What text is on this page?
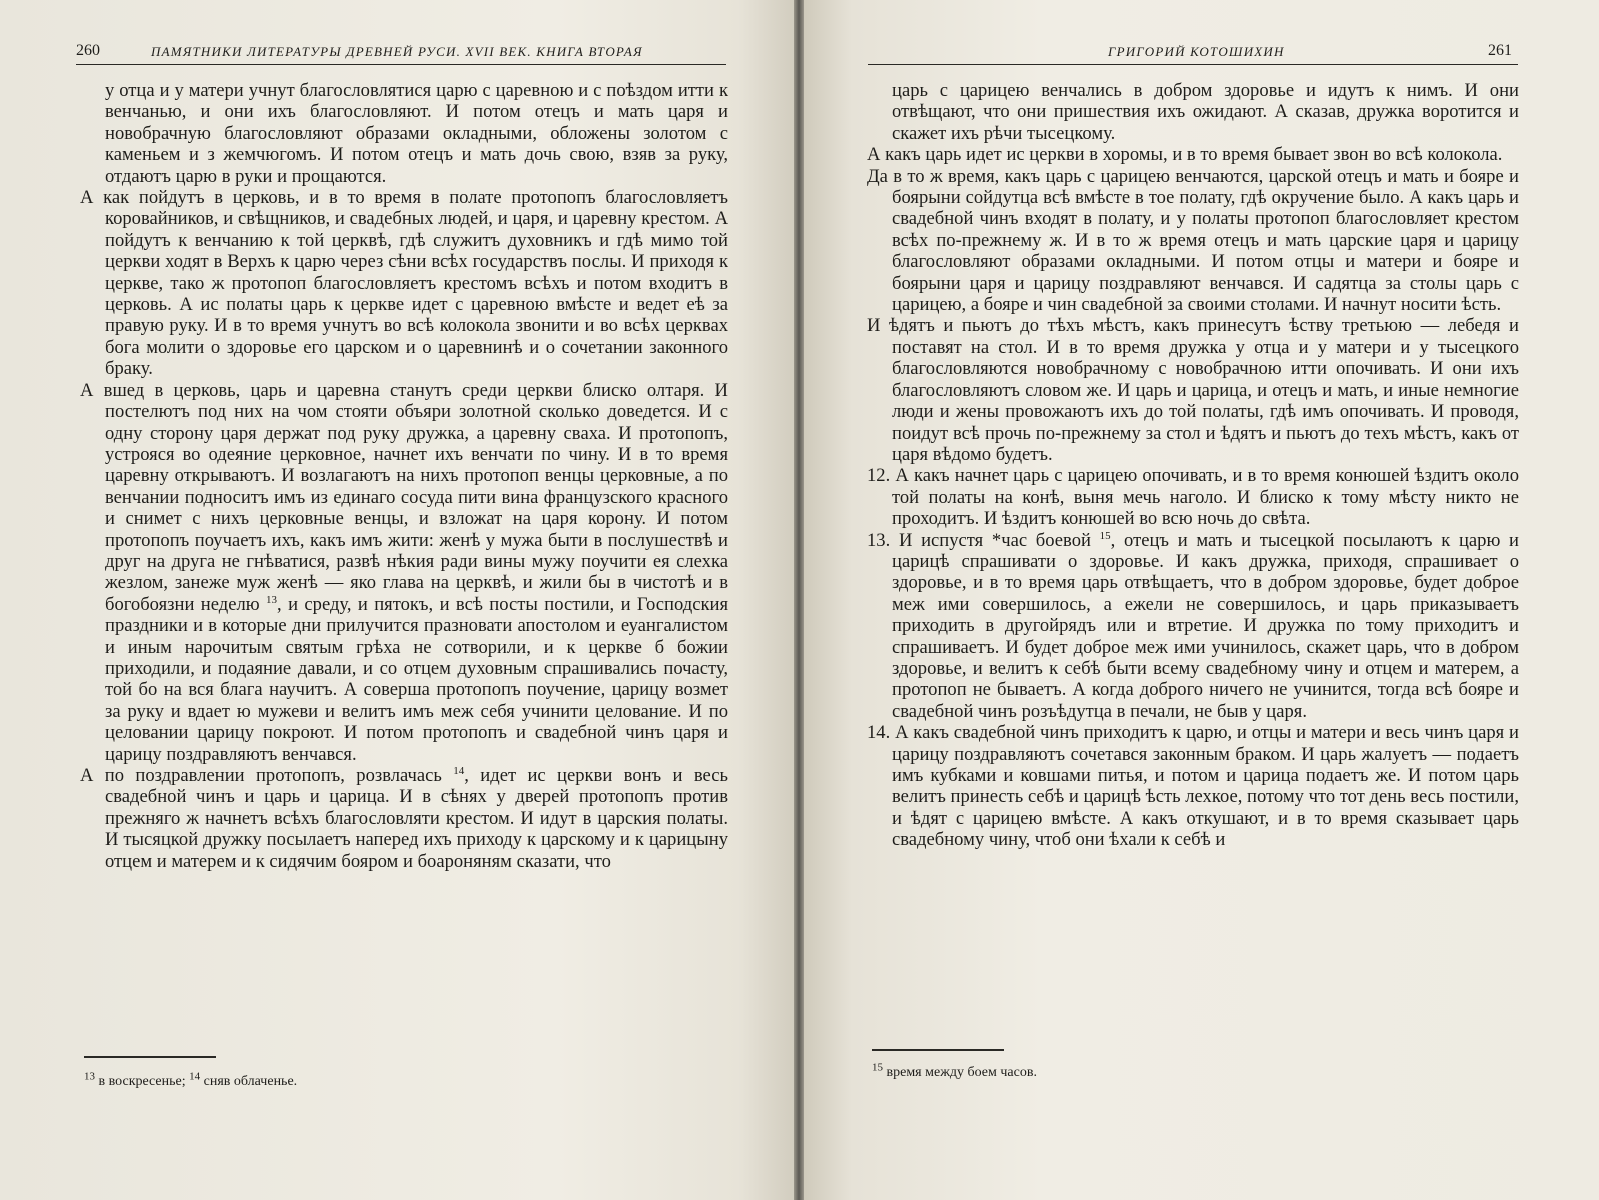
260	ПАМЯТНИКИ ЛИТЕРАТУРЫ ДРЕВНЕЙ РУСИ. XVII ВЕК. КНИГА ВТОРАЯ

у отца и у матери учнут благословлятися царю с царевною и с поѣздом итти к венчанью, и они ихъ благословляют. И потом отецъ и мать царя и новобрачную благословляют образами окладными, обложены золотом с каменьем и з жемчюгомъ. И потом отецъ и мать дочь свою, взяв за руку, отдаютъ царю в руки и прощаются.

А как пойдутъ в церковь, и в то время в полате протопопъ благословляетъ коровайников, и свѣщников, и свадебных людей, и царя, и царевну крестом. А пойдутъ к венчанию к той церквѣ, гдѣ служитъ духовникъ и гдѣ мимо той церкви ходят в Верхъ к царю через сѣни всѣх государствъ послы. И приходя к церкве, тако ж протопоп благословляетъ крестомъ всѣхъ и потом входитъ в церковь. А ис полаты царь к церкве идет с царевною вмѣсте и ведет еѣ за правую руку. И в то время учнутъ во всѣ колокола звонити и во всѣх церквах бога молити о здоровье его царском и о царевнинѣ и о сочетании законного браку.

А вшед в церковь, царь и царевна станутъ среди церкви блиско олтаря. И постелютъ под них на чом стояти объяри золотной сколько доведется. И с одну сторону царя держат под руку дружка, а царевну свaха. И протопопъ, устрояся во одеяние церковное, начнет ихъ венчати по чину. И в то время царевну открываютъ. И возлагаютъ на нихъ протопоп венцы церковные, а по венчании подноситъ имъ из единаго сосуда пити вина французского красного и снимет с нихъ церковные венцы, и взложат на царя корону. И потом протопопъ поучаетъ ихъ, какъ имъ жити: женѣ у мужа быти в послушествѣ и друг на друга не гнѣватися, развѣ нѣкия ради вины мужу поучити ея слехка жезлом, занеже муж женѣ — яко глава на церквѣ, и жили бы в чистотѣ и в богобоязни неделю $^{13}$, и среду, и пятокъ, и всѣ посты постили, и Господския праздники и в которые дни прилучится празновати апостолом и еуангалистом и иным нарочитым святым грѣха не сотворили, и к церкве б божии приходили, и подаяние давали, и со отцем духовным спрашивались почасту, той бо на вся блага научитъ. А соверша протопопъ поучение, царицу возмет за руку и вдает ю мужеви и велитъ имъ меж себя учинити целование. И по целовании царицу покроют. И потом протопопъ и свадебной чинъ царя и царицу поздравляютъ венчався.

А по поздравлении протопопъ, розвлачась $^{14}$, идет ис церкви вонъ и весь свадебной чинъ и царь и царица. И в сѣнях у дверей протопопъ против прежняго ж начнетъ всѣхъ благословляти крестом. И идут в царския полаты. И тысяцкой дружку посылаетъ наперед ихъ приходу к царскому и к царицыну отцем и матерем и к сидячим бояром и боароняням сказати, что

$^{13}$ в воскресенье; $^{14}$ сняв облаченье.
ГРИГОРИЙ КОТОШИХИН	261

царь с царицею венчались в добром здоровье и идутъ к нимъ. И они отвѣщают, что они пришествия ихъ ожидают. А сказав, дружка воротится и скажет ихъ рѣчи тысецкому.

А какъ царь идет ис церкви в хоромы, и в то время бывает звон во всѣ колокола.

Да в то ж время, какъ царь с царицею венчаются, царской отецъ и мать и бояре и боярыни сойдутца всѣ вмѣсте в тое полату, гдѣ окручение было. А какъ царь и свадебной чинъ входят в полату, и у полаты протопоп благословляет крестом всѣх по-прежнему ж. И в то ж время отецъ и мать царские царя и царицу благословляют образами окладными. И потом отцы и матери и бояре и боярыни царя и царицу поздравляют венчався. И садятца за столы царь с царицею, а бояре и чин свадебной за своими столами. И начнут носити ѣсть.

И ѣдятъ и пьютъ до тѣхъ мѣстъ, какъ принесутъ ѣству третьюю — лебедя и поставят на стол. И в то время дружка у отца и у матери и у тысецкого благословляются новобрачному с новобрачною итти опочивать. И они ихъ благословляютъ словом же. И царь и царица, и отецъ и мать, и иные немногие люди и жены провожаютъ ихъ до той полаты, гдѣ имъ опочивать. И проводя, поидут всѣ прочь по-прежнему за стол и ѣдятъ и пьютъ до техъ мѣстъ, какъ от царя вѣдомо будетъ.

12. А какъ начнет царь с царицею опочивать, и в то время конюшей ѣздитъ около той полаты на конѣ, выня мечь наголо. И блиско к тому мѣсту никто не проходитъ. И ѣздитъ конюшей во всю ночь до свѣта.

13. И испустя *час боевой $^{15}$, отецъ и мать и тысецкой посылаютъ к царю и царицѣ спрашивати о здоровье. И какъ дружка, приходя, спрашивает о здоровье, и в то время царь отвѣщаетъ, что в добром здоровье, будет доброе меж ими совершилось, а ежели не совершилось, и царь приказываетъ приходить в другойрядъ или и втретие. И дружка по тому приходитъ и спрашиваетъ. И будет доброе меж ими учинилось, скажет царь, что в добром здоровье, и велитъ к себѣ быти всему свадебному чину и отцем и матерем, а протопоп не бываетъ. А когда доброго ничего не учинится, тогда всѣ бояре и свадебной чинъ розъѣдутца в печали, не быв у царя.

14. А какъ свадебной чинъ приходитъ к царю, и отцы и матери и весь чинъ царя и царицу поздравляютъ сочетався законным браком. И царь жалуетъ — подаетъ имъ кубками и ковшами питья, и потом и царица подаетъ же. И потом царь велитъ принесть себѣ и царицѣ ѣсть лехкое, потому что тот день весь постили, и ѣдят с царицею вмѣсте. А какъ откушают, и в то время сказывает царь свадебному чину, чтоб они ѣхали к себѣ и

$^{15}$ время между боем часов.
